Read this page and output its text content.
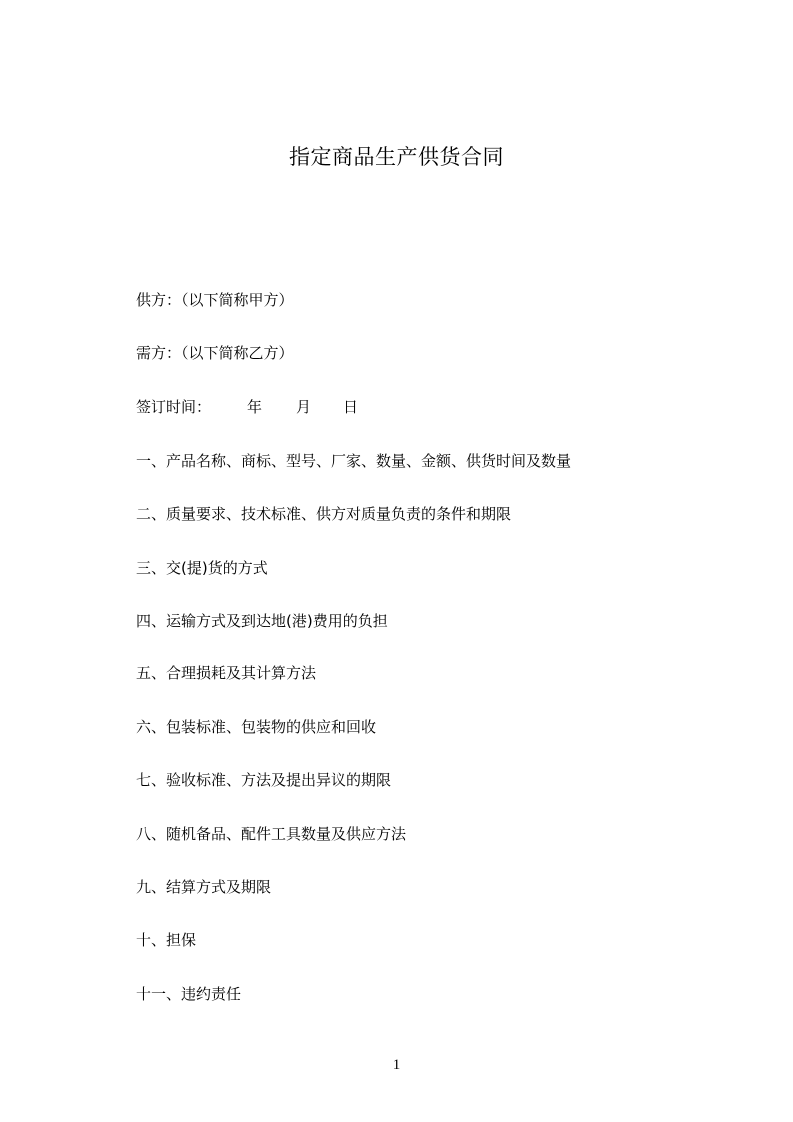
指定商品生产供货合同
供方：（以下简称甲方）
需方：（以下简称乙方）
签订时间： 年 月 日
一、产品名称、商标、型号、厂家、数量、金额、供货时间及数量
二、质量要求、技术标准、供方对质量负责的条件和期限
三、交(提)货的方式
四、运输方式及到达地(港)费用的负担
五、合理损耗及其计算方法
六、包装标准、包装物的供应和回收
七、验收标准、方法及提出异议的期限
八、随机备品、配件工具数量及供应方法
九、结算方式及期限
十、担保
十一、违约责任
1
